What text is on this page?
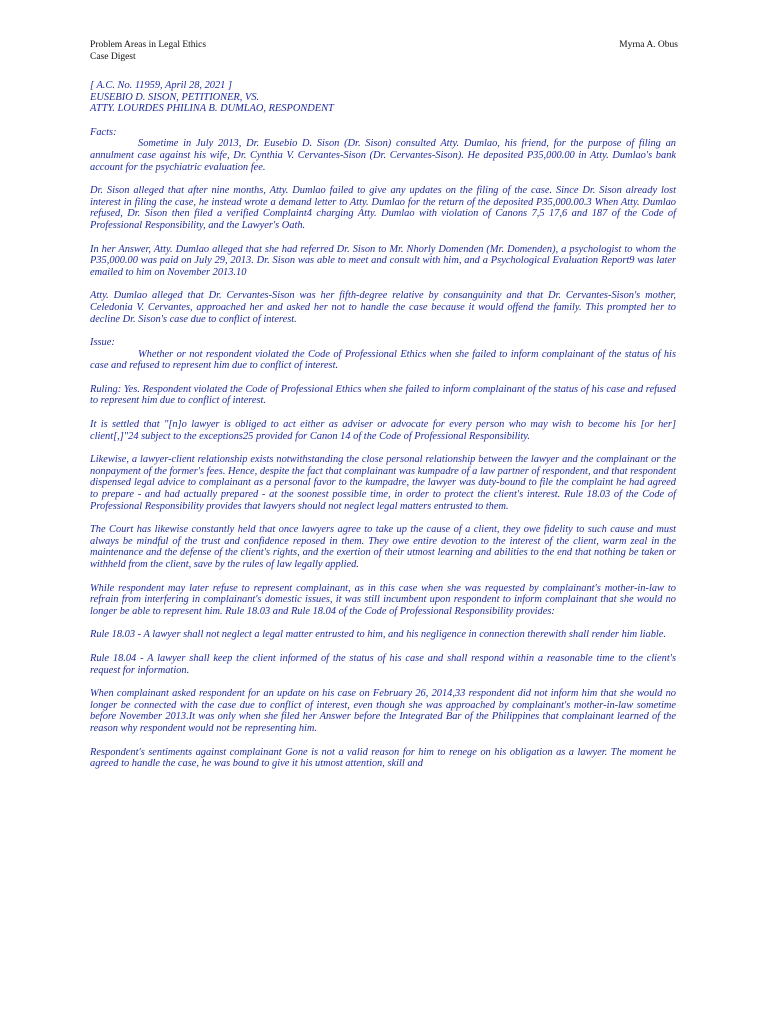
Problem Areas in Legal Ethics
Case Digest
Myrna A. Obus
[ A.C. No. 11959, April 28, 2021 ]
EUSEBIO D. SISON, PETITIONER, VS.
ATTY. LOURDES PHILINA B. DUMLAO, RESPONDENT
Facts:

Sometime in July 2013, Dr. Eusebio D. Sison (Dr. Sison) consulted Atty. Dumlao, his friend, for the purpose of filing an annulment case against his wife, Dr. Cynthia V. Cervantes-Sison (Dr. Cervantes-Sison). He deposited P35,000.00 in Atty. Dumlao's bank account for the psychiatric evaluation fee.

Dr. Sison alleged that after nine months, Atty. Dumlao failed to give any updates on the filing of the case. Since Dr. Sison already lost interest in filing the case, he instead wrote a demand letter to Atty. Dumlao for the return of the deposited P35,000.00.3 When Atty. Dumlao refused, Dr. Sison then filed a verified Complaint4 charging Atty. Dumlao with violation of Canons 7,5 17,6 and 187 of the Code of Professional Responsibility, and the Lawyer's Oath.

In her Answer, Atty. Dumlao alleged that she had referred Dr. Sison to Mr. Nhorly Domenden (Mr. Domenden), a psychologist to whom the P35,000.00 was paid on July 29, 2013. Dr. Sison was able to meet and consult with him, and a Psychological Evaluation Report9 was later emailed to him on November 2013.10

Atty. Dumlao alleged that Dr. Cervantes-Sison was her fifth-degree relative by consanguinity and that Dr. Cervantes-Sison's mother, Celedonia V. Cervantes, approached her and asked her not to handle the case because it would offend the family. This prompted her to decline Dr. Sison's case due to conflict of interest.

Issue:

Whether or not respondent violated the Code of Professional Ethics when she failed to inform complainant of the status of his case and refused to represent him due to conflict of interest.

Ruling: Yes. Respondent violated the Code of Professional Ethics when she failed to inform complainant of the status of his case and refused to represent him due to conflict of interest.

It is settled that "[n]o lawyer is obliged to act either as adviser or advocate for every person who may wish to become his [or her] client[,]"24 subject to the exceptions25 provided for Canon 14 of the Code of Professional Responsibility.

Likewise, a lawyer-client relationship exists notwithstanding the close personal relationship between the lawyer and the complainant or the nonpayment of the former's fees. Hence, despite the fact that complainant was kumpadre of a law partner of respondent, and that respondent dispensed legal advice to complainant as a personal favor to the kumpadre, the lawyer was duty-bound to file the complaint he had agreed to prepare - and had actually prepared - at the soonest possible time, in order to protect the client's interest. Rule 18.03 of the Code of Professional Responsibility provides that lawyers should not neglect legal matters entrusted to them.

The Court has likewise constantly held that once lawyers agree to take up the cause of a client, they owe fidelity to such cause and must always be mindful of the trust and confidence reposed in them. They owe entire devotion to the interest of the client, warm zeal in the maintenance and the defense of the client's rights, and the exertion of their utmost learning and abilities to the end that nothing be taken or withheld from the client, save by the rules of law legally applied.

While respondent may later refuse to represent complainant, as in this case when she was requested by complainant's mother-in-law to refrain from interfering in complainant's domestic issues, it was still incumbent upon respondent to inform complainant that she would no longer be able to represent him. Rule 18.03 and Rule 18.04 of the Code of Professional Responsibility provides:

Rule 18.03 - A lawyer shall not neglect a legal matter entrusted to him, and his negligence in connection therewith shall render him liable.

Rule 18.04 - A lawyer shall keep the client informed of the status of his case and shall respond within a reasonable time to the client's request for information.

When complainant asked respondent for an update on his case on February 26, 2014,33 respondent did not inform him that she would no longer be connected with the case due to conflict of interest, even though she was approached by complainant's mother-in-law sometime before November 2013.It was only when she filed her Answer before the Integrated Bar of the Philippines that complainant learned of the reason why respondent would not be representing him.

Respondent's sentiments against complainant Gone is not a valid reason for him to renege on his obligation as a lawyer. The moment he agreed to handle the case, he was bound to give it his utmost attention, skill and
